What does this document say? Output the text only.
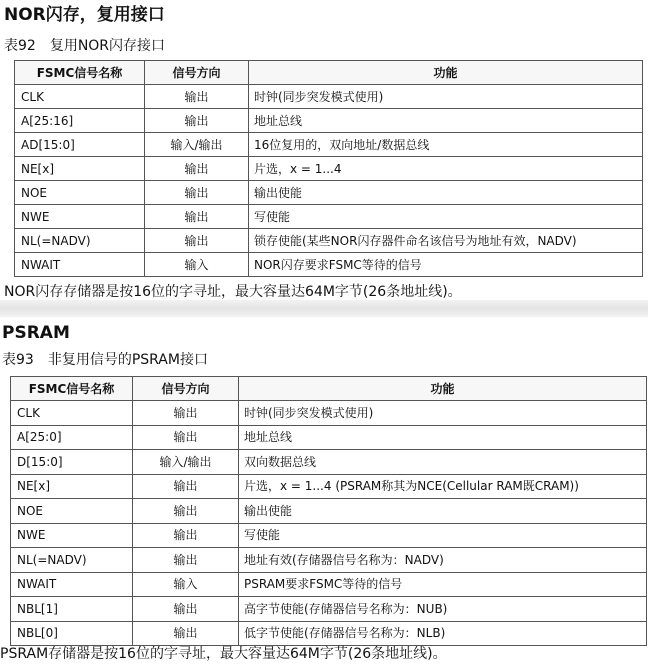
NOR闪存，复用接口
表92　复用NOR闪存接口
FSMC信号名称	信号方向	功能
CLK	输出	时钟(同步突发模式使用)
A[25:16]	输出	地址总线
AD[15:0]	输入/输出	16位复用的，双向地址/数据总线
NE[x]	输出	片选，x = 1...4
NOE	输出	输出使能
NWE	输出	写使能
NL(=NADV)	输出	锁存使能(某些NOR闪存器件命名该信号为地址有效，NADV)
NWAIT	输入	NOR闪存要求FSMC等待的信号
NOR闪存存储器是按16位的字寻址，最大容量达64M字节(26条地址线)。
PSRAM
表93　非复用信号的PSRAM接口
FSMC信号名称	信号方向	功能
CLK	输出	时钟(同步突发模式使用)
A[25:0]	输出	地址总线
D[15:0]	输入/输出	双向数据总线
NE[x]	输出	片选，x = 1...4 (PSRAM称其为NCE(Cellular RAM既CRAM))
NOE	输出	输出使能
NWE	输出	写使能
NL(=NADV)	输出	地址有效(存储器信号名称为：NADV)
NWAIT	输入	PSRAM要求FSMC等待的信号
NBL[1]	输出	高字节使能(存储器信号名称为：NUB)
NBL[0]	输出	低字节使能(存储器信号名称为：NLB)
PSRAM存储器是按16位的字寻址，最大容量达64M字节(26条地址线)。
